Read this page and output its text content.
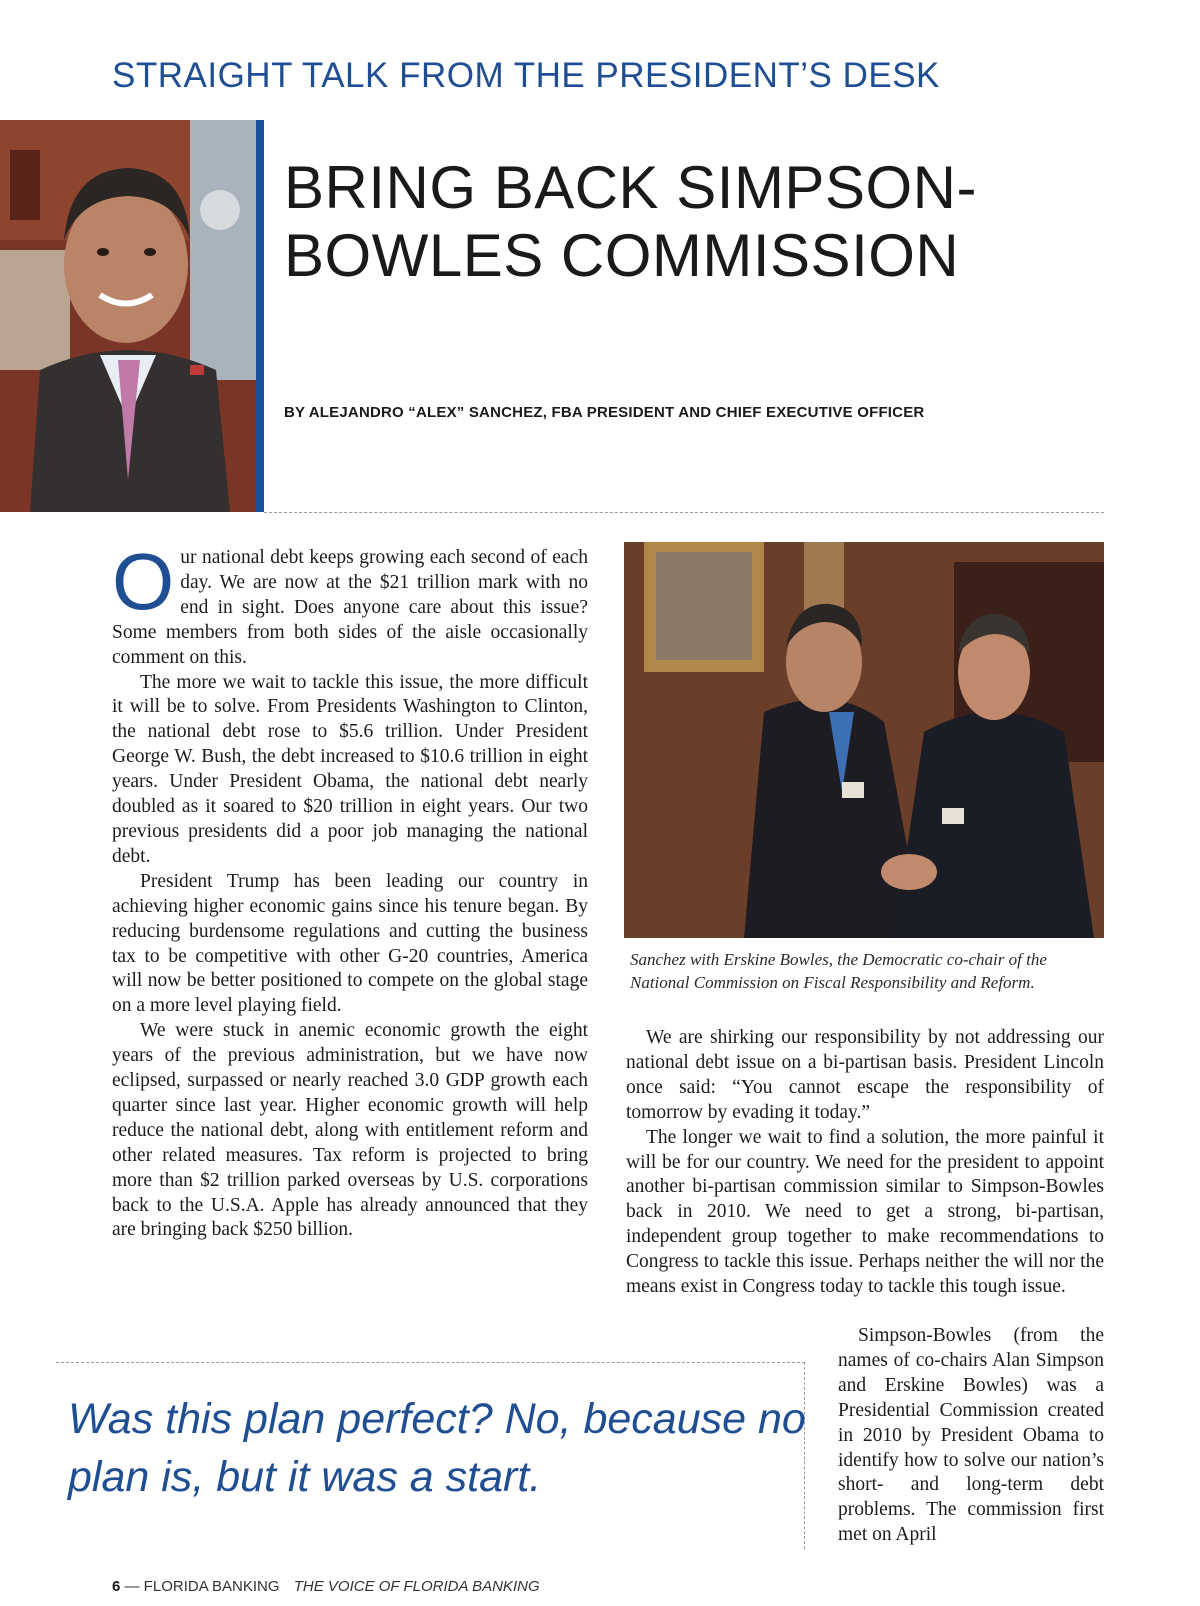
STRAIGHT TALK FROM THE PRESIDENT’S DESK
BRING BACK SIMPSON-
BOWLES COMMISSION
BY ALEJANDRO “ALEX” SANCHEZ, FBA PRESIDENT AND CHIEF EXECUTIVE OFFICER

Our national debt keeps growing each second of each day. We are now at the $21 trillion mark with no end in sight. Does anyone care about this issue? Some members from both sides of the aisle occasionally comment on this.

The more we wait to tackle this issue, the more difficult it will be to solve. From Presidents Washington to Clinton, the national debt rose to $5.6 trillion. Under President George W. Bush, the debt increased to $10.6 trillion in eight years. Under President Obama, the national debt nearly doubled as it soared to $20 trillion in eight years. Our two previous presidents did a poor job managing the national debt.

President Trump has been leading our country in achieving higher economic gains since his tenure began. By reducing burdensome regulations and cutting the business tax to be competitive with other G-20 countries, America will now be better positioned to compete on the global stage on a more level playing field.

We were stuck in anemic economic growth the eight years of the previous administration, but we have now eclipsed, surpassed or nearly reached 3.0 GDP growth each quarter since last year. Higher economic growth will help reduce the national debt, along with entitlement reform and other related measures. Tax reform is projected to bring more than $2 trillion parked overseas by U.S. corporations back to the U.S.A. Apple has already announced that they are bringing back $250 billion.

Sanchez with Erskine Bowles, the Democratic co-chair of the National Commission on Fiscal Responsibility and Reform.

We are shirking our responsibility by not addressing our national debt issue on a bi-partisan basis. President Lincoln once said: “You cannot escape the responsibility of tomorrow by evading it today.”

The longer we wait to find a solution, the more painful it will be for our country. We need for the president to appoint another bi-partisan commission similar to Simpson-Bowles back in 2010. We need to get a strong, bi-partisan, independent group together to make recommendations to Congress to tackle this issue. Perhaps neither the will nor the means exist in Congress today to tackle this tough issue.

Simpson-Bowles (from the names of co-chairs Alan Simpson and Erskine Bowles) was a Presidential Commission created in 2010 by President Obama to identify how to solve our nation’s short- and long-term debt problems. The commission first met on April

Was this plan perfect? No, because no plan is, but it was a start.

6 — FLORIDA BANKING THE VOICE OF FLORIDA BANKING
